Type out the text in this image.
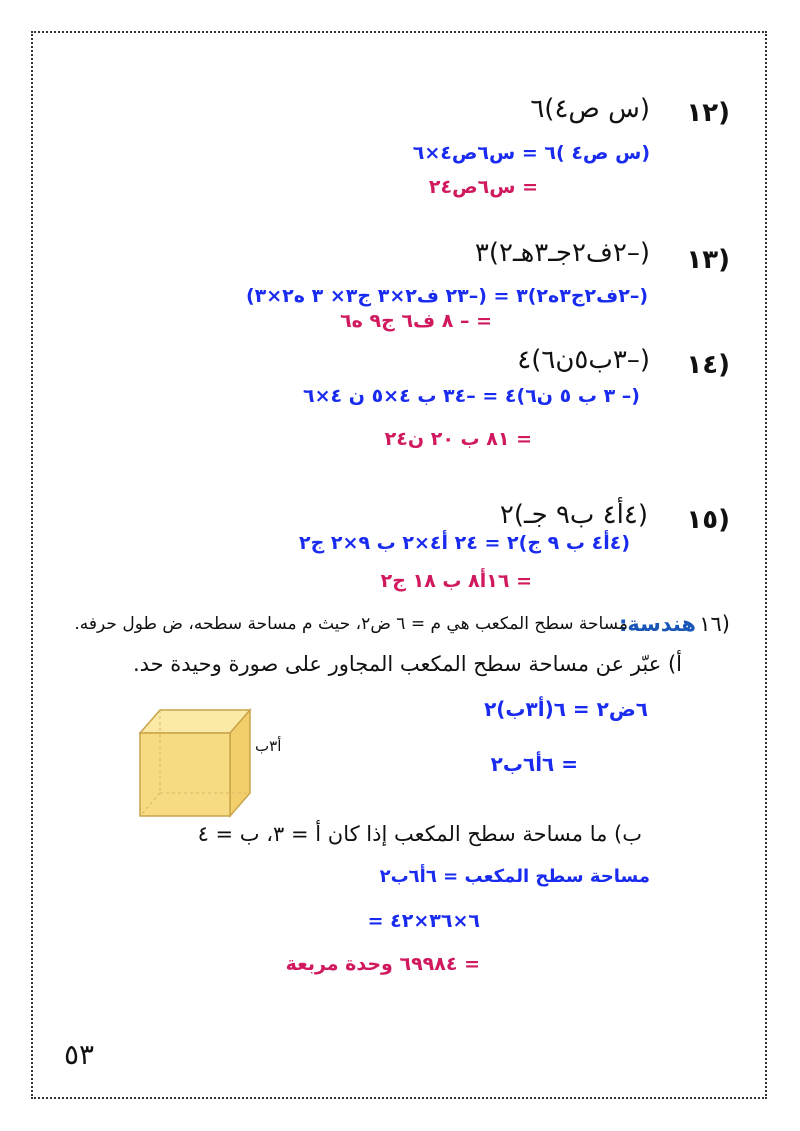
١٢)
(س ص٤)٦
(س ص٤ )٦ = س٦ص٤×٦
= س٦ص٢٤
١٣)
(–٢ف٢جـ٣هـ٢)٣
(–٢ف٢ج٣ه٢)٣ = (–٢٣ ف٢×٣ ج٣× ٣ ه٢×٣)
= – ٨ ف٦ ج٩ ه٦
١٤)
(–٣ب٥ن٦)٤
(– ٣ ب ٥ ن٦)٤ = –٣٤ ب ٤×٥ ن ٤×٦
= ٨١ ب ٢٠ ن٢٤
١٥)
(٤أ٤ ب٩ جـ)٢
(٤أ٤ ب ٩ ج)٢ = ٢٤ أ٤×٢ ب ٩×٢ ج٢
= ١٦أ٨ ب ١٨ ج٢
١٦)
هندسة:
مساحة سطح المكعب هي م = ٦ ض٢، حيث م مساحة سطحه، ض طول حرفه.
أ) عبّر عن مساحة سطح المكعب المجاور على صورة وحيدة حد.
٦ض٢ = ٦(أ٣ب)٢
= ٦أ٦ب٢
أ٣ب
ب) ما مساحة سطح المكعب إذا كان أ = ٣، ب = ٤
مساحة سطح المكعب = ٦أ٦ب٢
= ٦×٣٦×٤٢
= ٦٩٩٨٤ وحدة مربعة
٥٣
